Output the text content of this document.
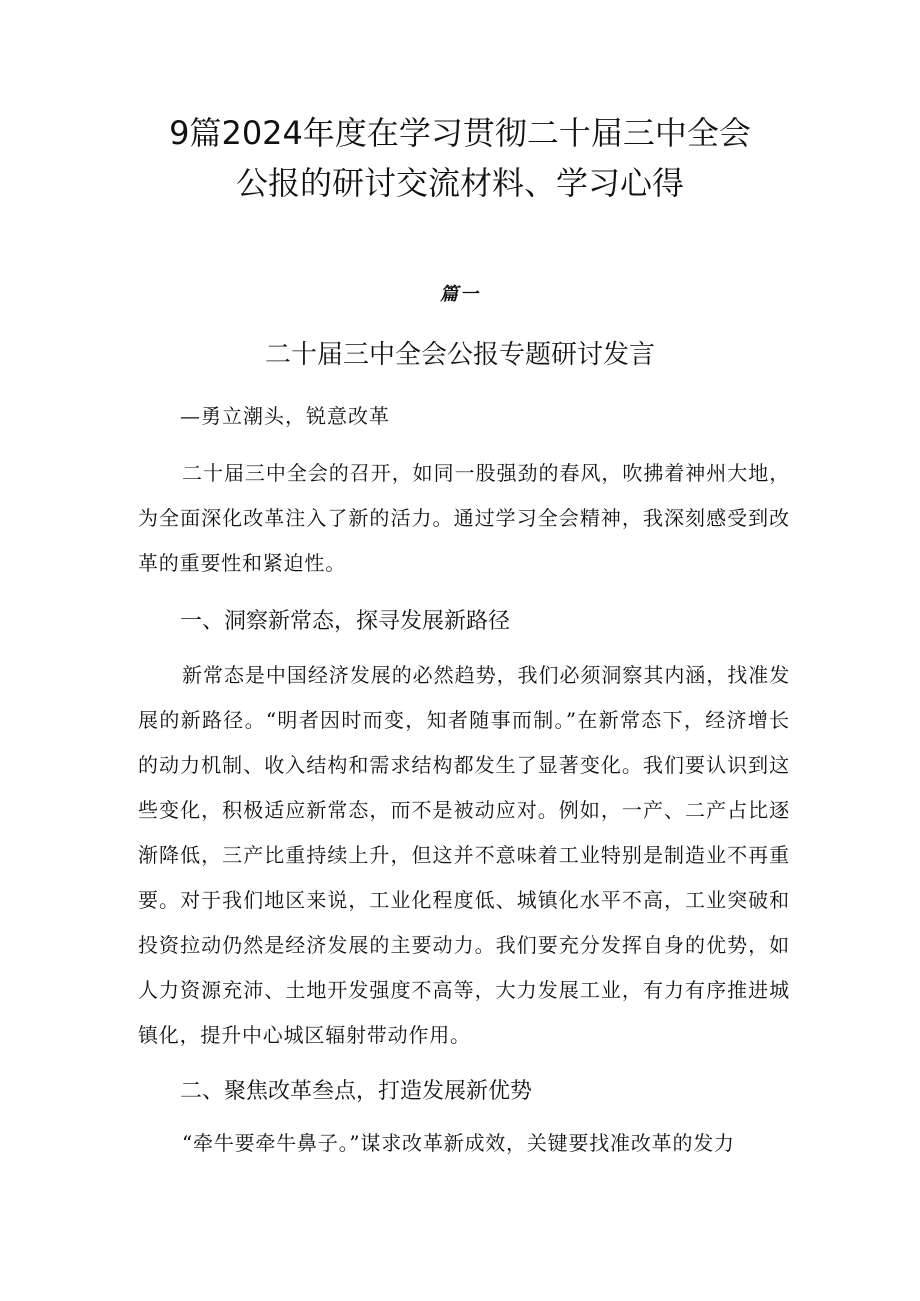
9篇2024年度在学习贯彻二十届三中全会
公报的研讨交流材料、学习心得
篇一
二十届三中全会公报专题研讨发言
—勇立潮头，锐意改革

二十届三中全会的召开，如同一股强劲的春风，吹拂着神州大地，为全面深化改革注入了新的活力。通过学习全会精神，我深刻感受到改革的重要性和紧迫性。

一、洞察新常态，探寻发展新路径

新常态是中国经济发展的必然趋势，我们必须洞察其内涵，找准发展的新路径。“明者因时而变，知者随事而制。”在新常态下，经济增长的动力机制、收入结构和需求结构都发生了显著变化。我们要认识到这些变化，积极适应新常态，而不是被动应对。例如，一产、二产占比逐渐降低，三产比重持续上升，但这并不意味着工业特别是制造业不再重要。对于我们地区来说，工业化程度低、城镇化水平不高，工业突破和投资拉动仍然是经济发展的主要动力。我们要充分发挥自身的优势，如人力资源充沛、土地开发强度不高等，大力发展工业，有力有序推进城镇化，提升中心城区辐射带动作用。

二、聚焦改革叁点，打造发展新优势

“牵牛要牵牛鼻子。”谋求改革新成效，关键要找准改革的发力
